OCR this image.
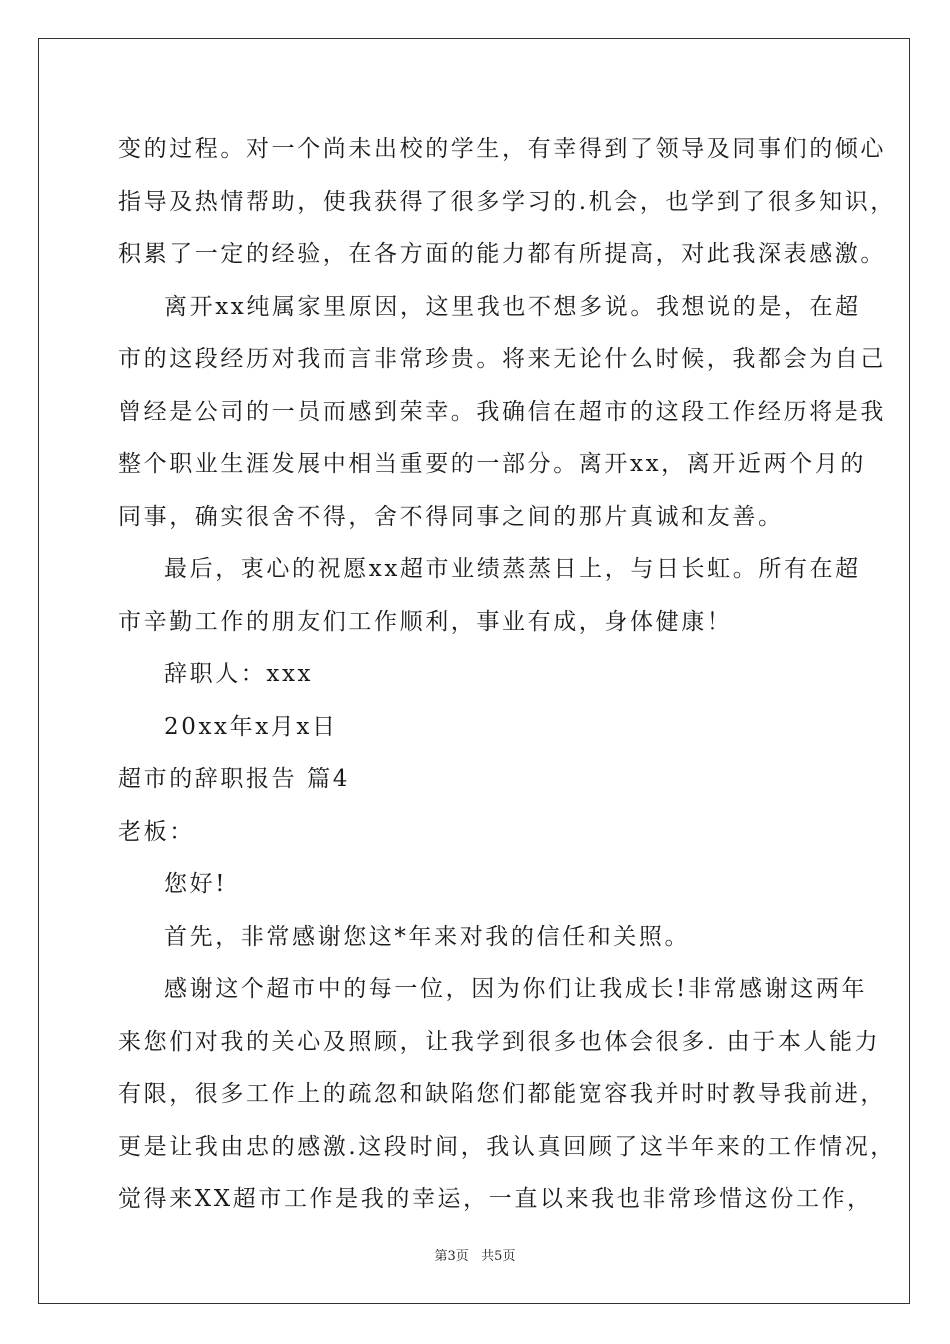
变的过程。对一个尚未出校的学生，有幸得到了领导及同事们的倾心
指导及热情帮助，使我获得了很多学习的.机会，也学到了很多知识，
积累了一定的经验，在各方面的能力都有所提高，对此我深表感激。
离开xx纯属家里原因，这里我也不想多说。我想说的是，在超
市的这段经历对我而言非常珍贵。将来无论什么时候，我都会为自己
曾经是公司的一员而感到荣幸。我确信在超市的这段工作经历将是我
整个职业生涯发展中相当重要的一部分。离开xx，离开近两个月的
同事，确实很舍不得，舍不得同事之间的那片真诚和友善。
最后，衷心的祝愿xx超市业绩蒸蒸日上，与日长虹。所有在超
市辛勤工作的朋友们工作顺利，事业有成，身体健康！
辞职人：xxx
20xx年x月x日
超市的辞职报告 篇4
老板：
您好!
首先，非常感谢您这*年来对我的信任和关照。
感谢这个超市中的每一位，因为你们让我成长!非常感谢这两年
来您们对我的关心及照顾，让我学到很多也体会很多. 由于本人能力
有限，很多工作上的疏忽和缺陷您们都能宽容我并时时教导我前进，
更是让我由忠的感激.这段时间，我认真回顾了这半年来的工作情况，
觉得来XX超市工作是我的幸运，一直以来我也非常珍惜这份工作，
第3页   共5页
